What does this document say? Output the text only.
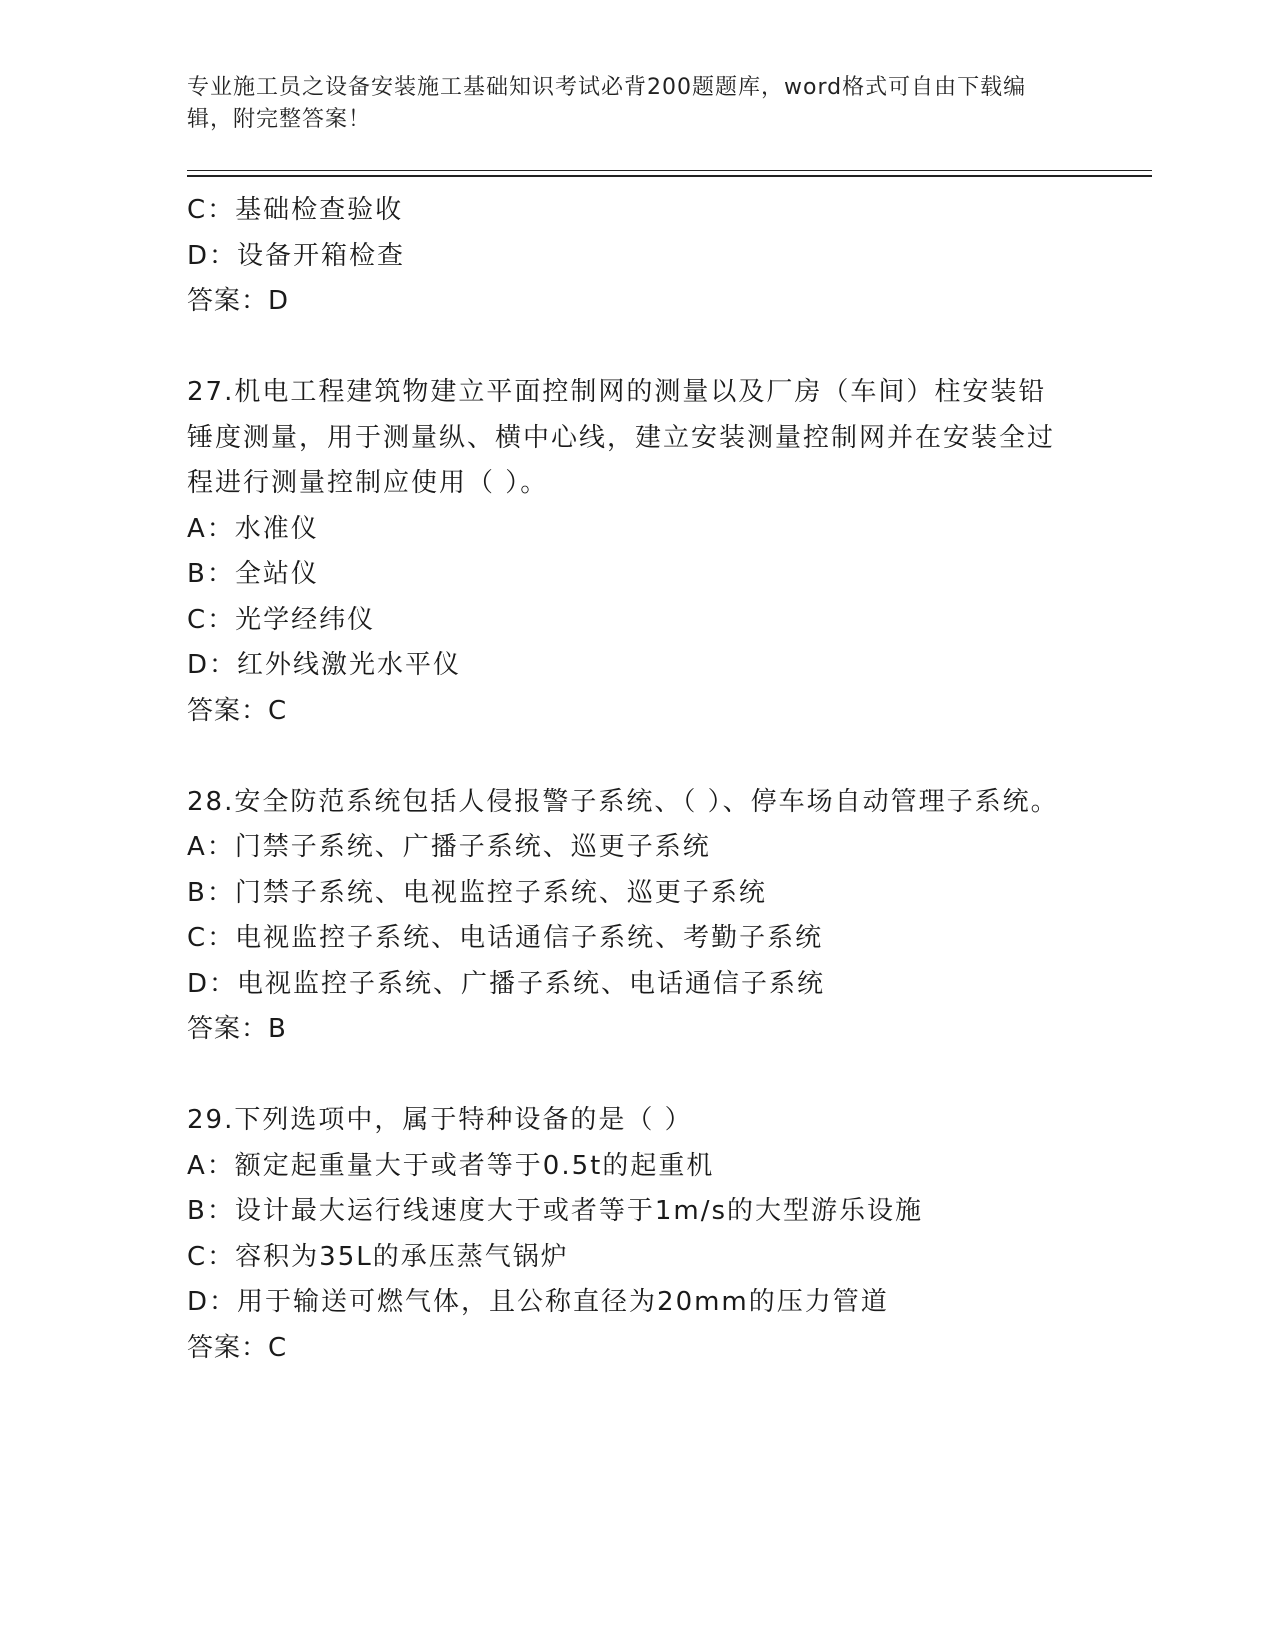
专业施工员之设备安装施工基础知识考试必背200题题库，word格式可自由下载编辑，附完整答案！
C：基础检查验收
D：设备开箱检查
答案：D
27.机电工程建筑物建立平面控制网的测量以及厂房（车间）柱安装铅锤度测量，用于测量纵、横中心线，建立安装测量控制网并在安装全过程进行测量控制应使用（ ）。
A：水准仪
B：全站仪
C：光学经纬仪
D：红外线激光水平仪
答案：C
28.安全防范系统包括人侵报警子系统、（ ）、停车场自动管理子系统。
A：门禁子系统、广播子系统、巡更子系统
B：门禁子系统、电视监控子系统、巡更子系统
C：电视监控子系统、电话通信子系统、考勤子系统
D：电视监控子系统、广播子系统、电话通信子系统
答案：B
29.下列选项中，属于特种设备的是（ ）
A：额定起重量大于或者等于0.5t的起重机
B：设计最大运行线速度大于或者等于1m/s的大型游乐设施
C：容积为35L的承压蒸气锅炉
D：用于输送可燃气体，且公称直径为20mm的压力管道
答案：C
